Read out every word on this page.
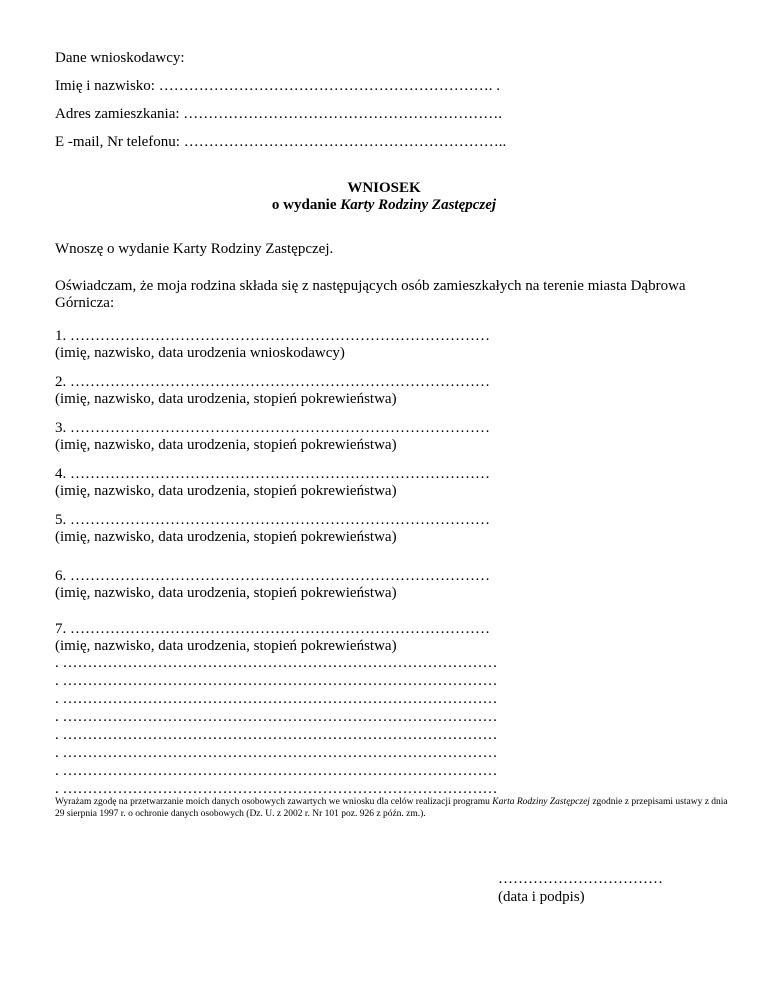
Dane wnioskodawcy:
Imię i nazwisko: …………………………………………………………. .
Adres zamieszkania: ……………………………………………………….
E -mail, Nr telefonu: ………………………………………………………..
WNIOSEK
o wydanie Karty Rodziny Zastępczej
Wnoszę o wydanie Karty Rodziny Zastępczej.
Oświadczam, że moja rodzina składa się z następujących osób zamieszkałych na terenie miasta Dąbrowa Górnicza:
1. …………………………………………………………………………
(imię, nazwisko, data urodzenia wnioskodawcy)
2. …………………………………………………………………………
(imię, nazwisko, data urodzenia, stopień pokrewieństwa)
3. …………………………………………………………………………
(imię, nazwisko, data urodzenia, stopień pokrewieństwa)
4. …………………………………………………………………………
(imię, nazwisko, data urodzenia, stopień pokrewieństwa)
5. …………………………………………………………………………
(imię, nazwisko, data urodzenia, stopień pokrewieństwa)
6. …………………………………………………………………………
(imię, nazwisko, data urodzenia, stopień pokrewieństwa)
7. …………………………………………………………………………
(imię, nazwisko, data urodzenia, stopień pokrewieństwa)
. ……………………………………………………………………………
. ……………………………………………………………………………
. ……………………………………………………………………………
. ……………………………………………………………………………
. ……………………………………………………………………………
. ……………………………………………………………………………
. ……………………………………………………………………………
. ……………………………………………………………………………
Wyrażam zgodę na przetwarzanie moich danych osobowych zawartych we wniosku dla celów realizacji programu Karta Rodziny Zastępczej zgodnie z przepisami ustawy z dnia 29 sierpnia 1997 r. o ochronie danych osobowych (Dz. U. z 2002 r. Nr 101 poz. 926 z późn. zm.).
……………………………
(data i podpis)
